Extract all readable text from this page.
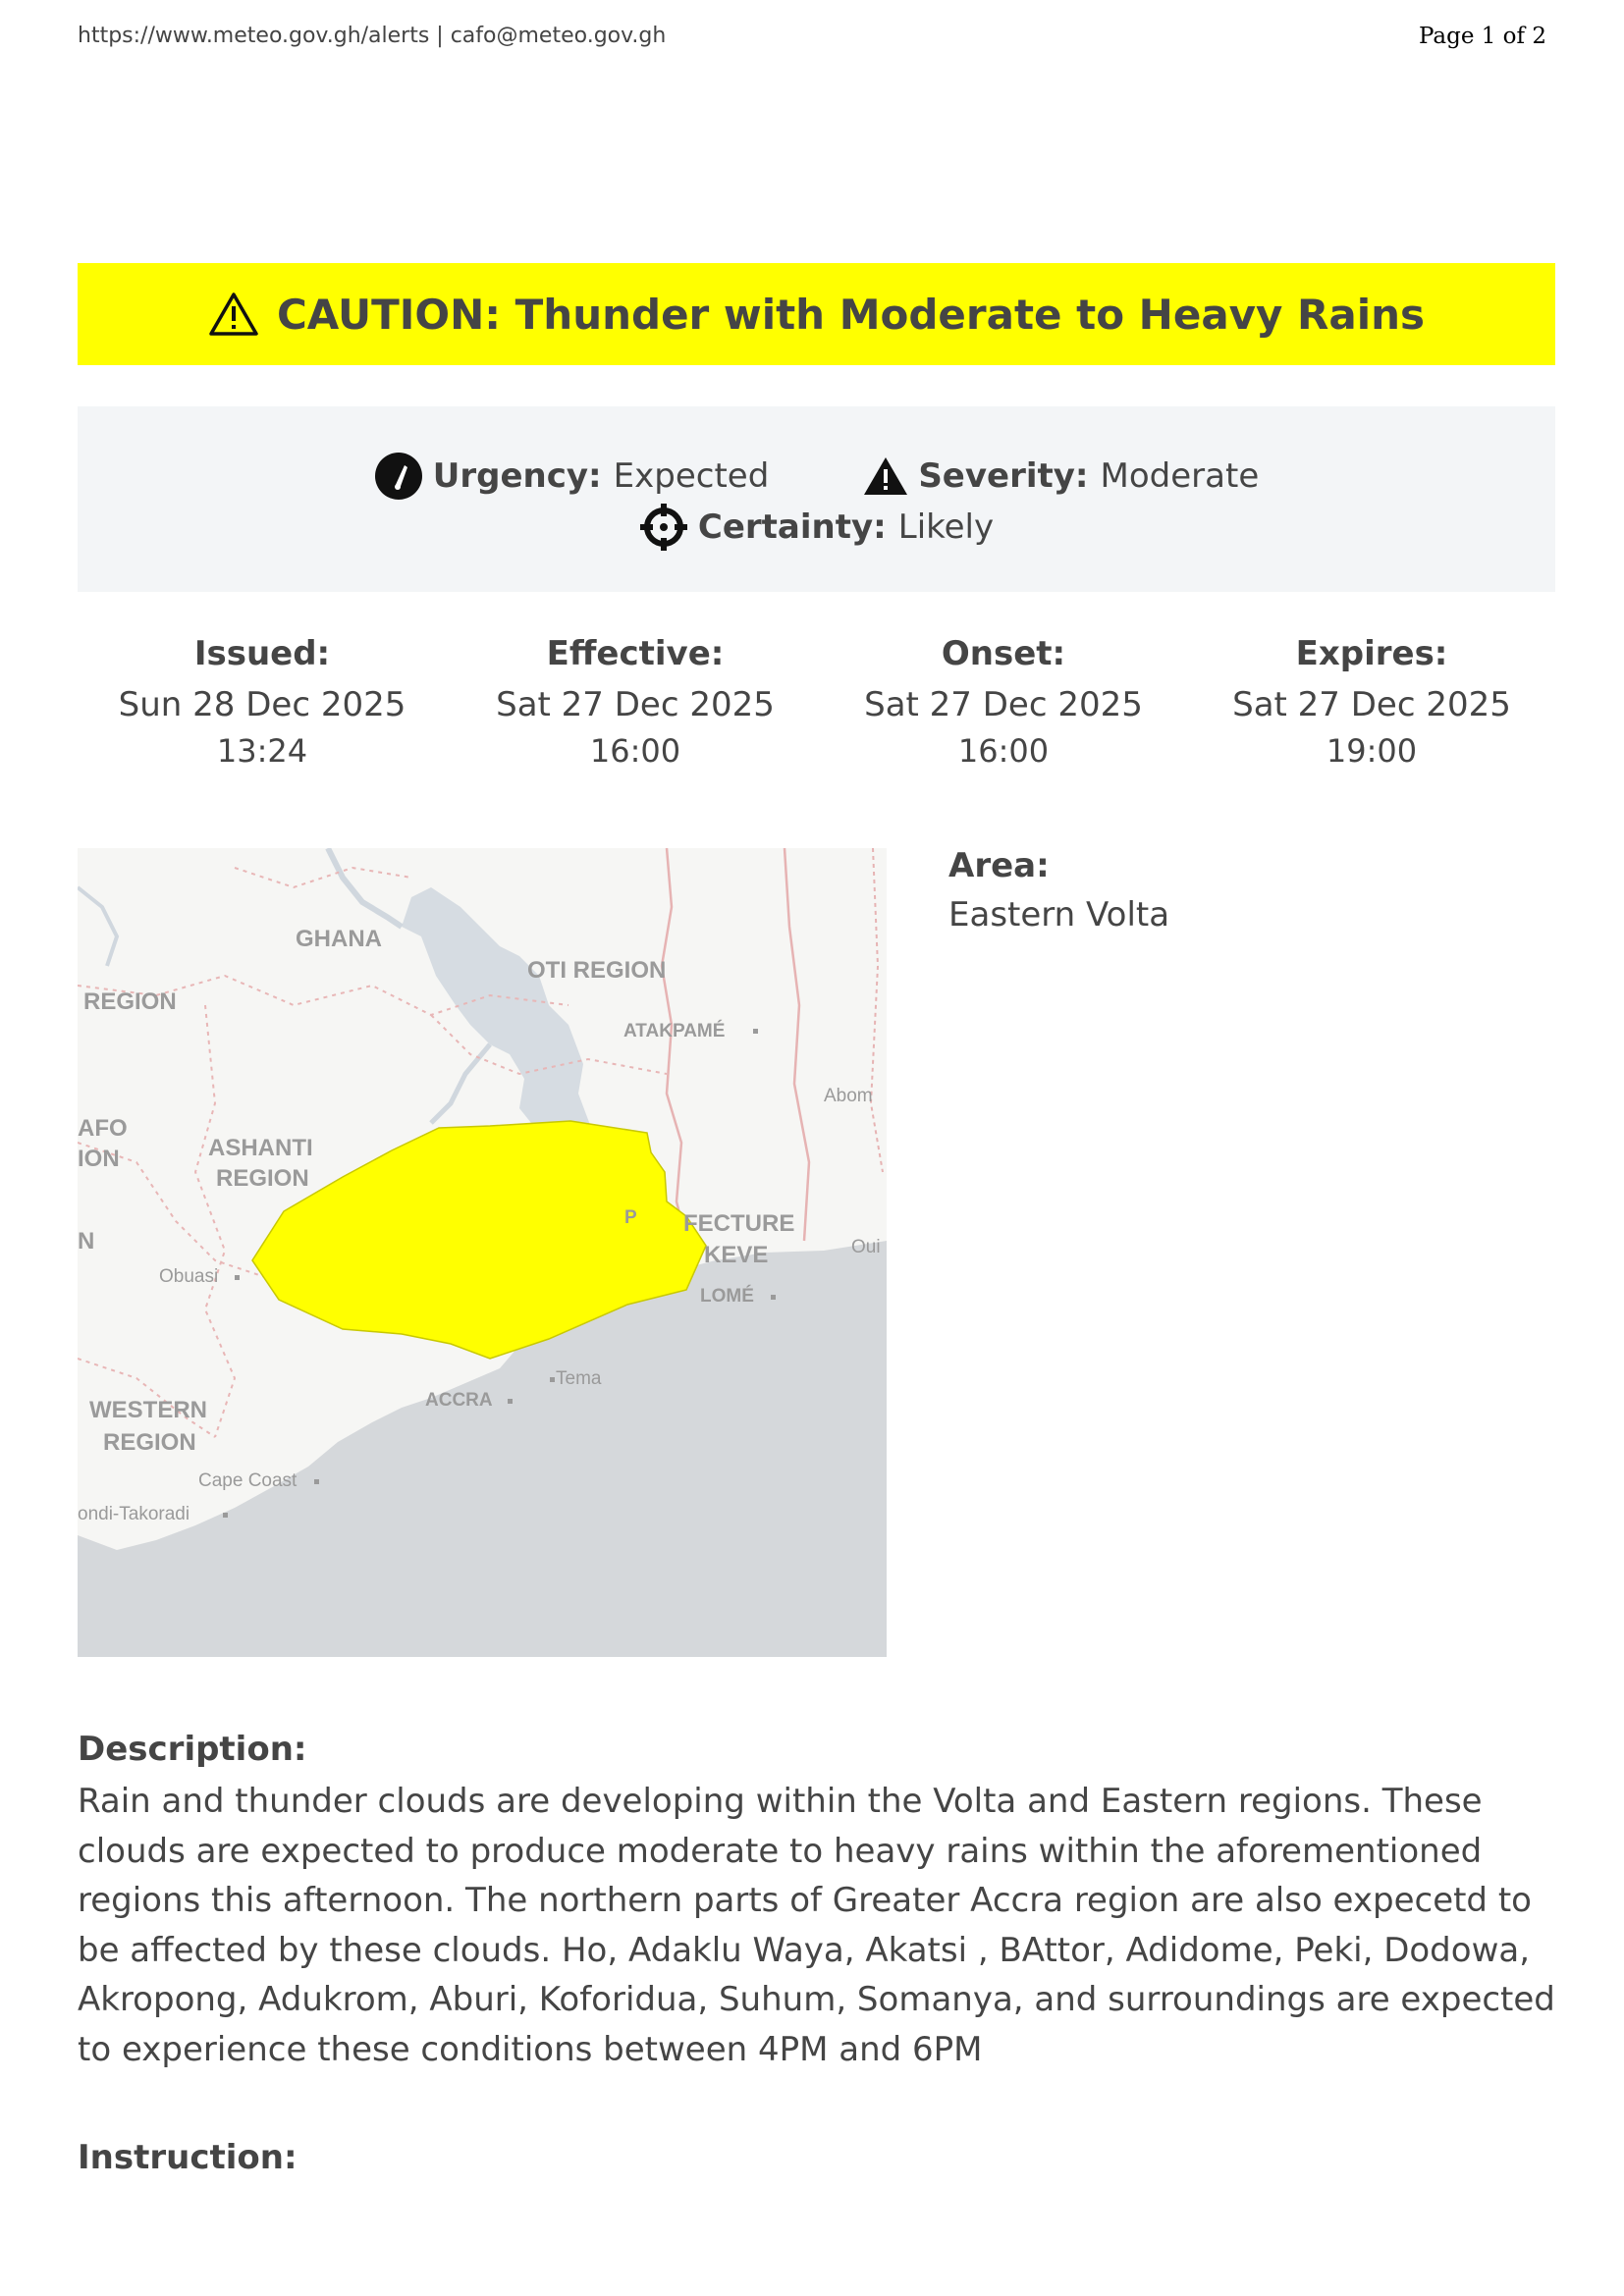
https://www.meteo.gov.gh/alerts | cafo@meteo.gov.gh	Page 1 of 2
CAUTION: Thunder with Moderate to Heavy Rains
Urgency: Expected	Severity: Moderate
Certainty: Likely
Issued:
Sun 28 Dec 2025
13:24
Effective:
Sat 27 Dec 2025
16:00
Onset:
Sat 27 Dec 2025
16:00
Expires:
Sat 27 Dec 2025
19:00
GHANA
OTI REGION
REGION
AFO
ION	ASHANTI
REGION
N
FECTURE
KEVE
WESTERN
REGION
ACCRA
P
LOMÉ
ATAKPAMÉ
Abom
Oui
Obuasi
Tema
Cape Coast
ondi-Takoradi
Area:
Eastern Volta
Description:
Rain and thunder clouds are developing within the Volta and Eastern regions. These clouds are expected to produce moderate to heavy rains within the aforementioned regions this afternoon. The northern parts of Greater Accra region are also expecetd to be affected by these clouds. Ho, Adaklu Waya, Akatsi , BAttor, Adidome, Peki, Dodowa, Akropong, Adukrom, Aburi, Koforidua, Suhum, Somanya, and surroundings are expected to experience these conditions between 4PM and 6PM
Instruction:
